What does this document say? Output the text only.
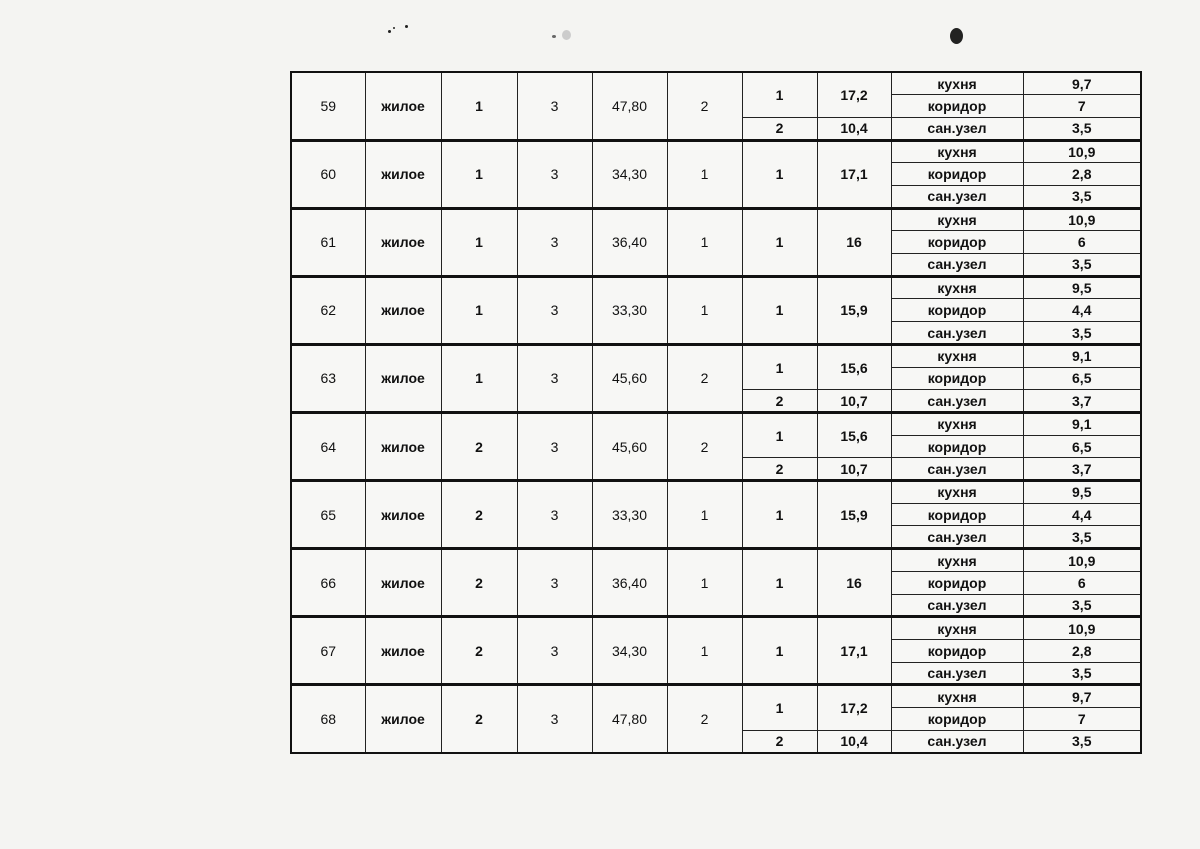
59	жилое	1	3	47,80	2	1	17,2	кухня	9,7
								коридор	7
						2	10,4	сан.узел	3,5
60	жилое	1	3	34,30	1	1	17,1	кухня	10,9
								коридор	2,8
								сан.узел	3,5
61	жилое	1	3	36,40	1	1	16	кухня	10,9
								коридор	6
								сан.узел	3,5
62	жилое	1	3	33,30	1	1	15,9	кухня	9,5
								коридор	4,4
								сан.узел	3,5
63	жилое	1	3	45,60	2	1	15,6	кухня	9,1
								коридор	6,5
						2	10,7	сан.узел	3,7
64	жилое	2	3	45,60	2	1	15,6	кухня	9,1
								коридор	6,5
						2	10,7	сан.узел	3,7
65	жилое	2	3	33,30	1	1	15,9	кухня	9,5
								коридор	4,4
								сан.узел	3,5
66	жилое	2	3	36,40	1	1	16	кухня	10,9
								коридор	6
								сан.узел	3,5
67	жилое	2	3	34,30	1	1	17,1	кухня	10,9
								коридор	2,8
								сан.узел	3,5
68	жилое	2	3	47,80	2	1	17,2	кухня	9,7
								коридор	7
						2	10,4	сан.узел	3,5
